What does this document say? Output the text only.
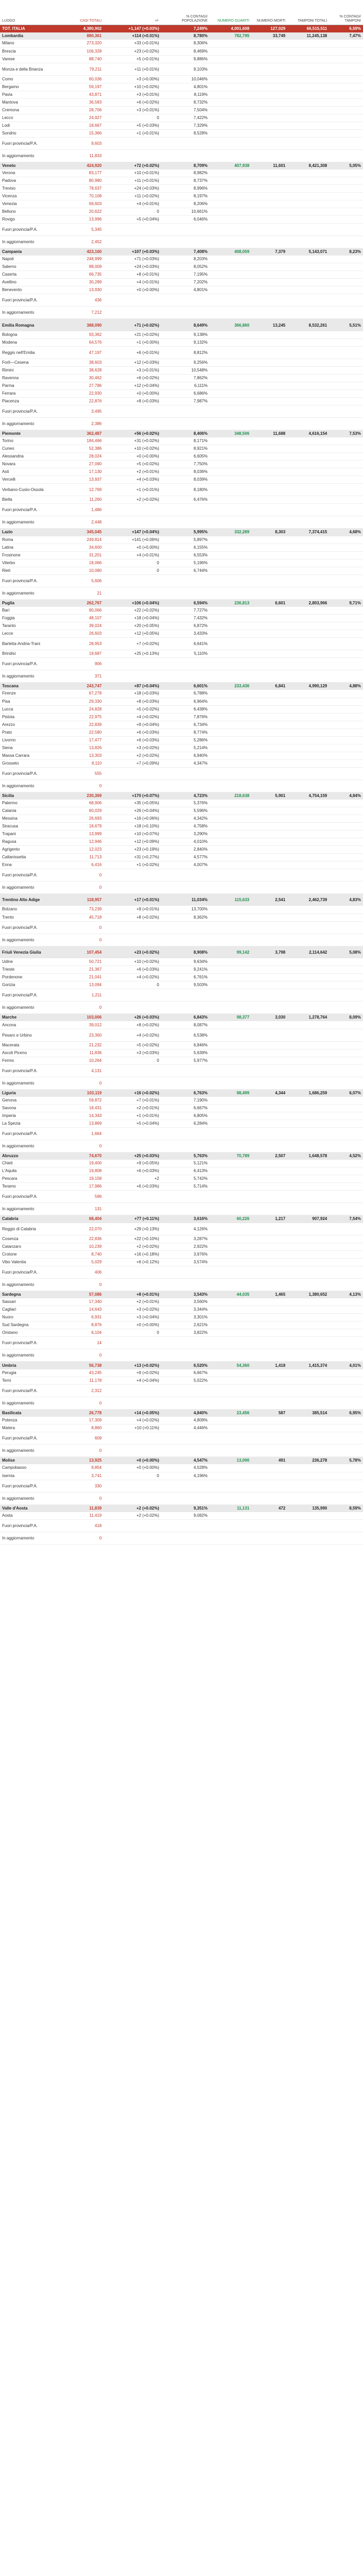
LUOGO	CASI TOTALI	+/-	% CONTAGI/ POPOLAZIONE	NUMERO GUARITI	NUMERO MORTI	TAMPONI TOTALI	% CONTAGI/ TAMPONI
TOT. ITALIA	4,380,902	+1,147 (+0.03%)	7,249%	4,001,608	127,029	66,515,511	6,59%
Lombardia	880,361	+114 (+0.01%)	8,780%	782,795	33,749	11,245,138	7,47%
Milano	273,320	+33 (+0.01%)	8,306%				
Brescia	106,328	+23 (+0.02%)	8,469%				
Varese	88,740	+5 (+0.01%)	9,886%				
Monza e della Brianza	79,211	+11 (+0.01%)	9,103%				
Como	60,036	+3 (+0.00%)	10,046%				
Bergamo	59,197	+10 (+0.02%)	4,801%				
Pavia	43,871	+3 (+0.01%)	8,119%				
Mantova	36,583	+6 (+0.02%)	8,732%				
Cremona	28,706	+3 (+0.01%)	7,504%				
Lecco	24,927	0	7,422%				
Lodi	18,667	+5 (+0.03%)	7,329%				
Sondrio	15,366	+1 (+0.01%)	8,528%				
Fuori provincia/P.A.	9,603						
In aggiornamento	11,833						
Veneto	424,920	+72 (+0.02%)	8,709%	407,938	11,601	8,421,308	5,05%
Verona	83,177	+10 (+0.01%)	8,982%				
Padova	80,980	+11 (+0.01%)	8,737%				
Treviso	78,637	+24 (+0.03%)	8,996%				
Vicenza	70,108	+11 (+0.02%)	8,197%				
Venezia	69,603	+4 (+0.01%)	8,206%				
Belluno	20,622	0	10,661%				
Rovigo	13,996	+5 (+0.04%)	6,046%				
Fuori provincia/P.A.	5,345						
In aggiornamento	2,452						
Campania	423,160	+107 (+0.03%)	7,408%	408,059	7,379	5,143,071	8,23%
Napoli	248,999	+71 (+0.03%)	8,203%				
Salerno	88,009	+24 (+0.03%)	8,052%				
Caserta	66,735	+8 (+0.01%)	7,195%				
Avellino	30,289	+4 (+0.01%)	7,202%				
Benevento	13,930	+0 (+0.00%)	4,801%				
Fuori provincia/P.A.	436						
In aggiornamento	7,212						
Emilia Romagna	388,090	+71 (+0.02%)	8,649%	366,860	13,245	8,532,261	5,51%
Bologna	93,362	+21 (+0.02%)	9,138%				
Modena	64,576	+1 (+0.00%)	9,132%				
Reggio nell'Emilia	47,197	+6 (+0.01%)	8,812%				
Forlì—Cesena	38,603	+12 (+0.03%)	9,256%				
Rimini	38,628	+3 (+0.01%)	10,548%				
Ravenna	30,462	+6 (+0.02%)	7,862%				
Parma	27,786	+12 (+0.04%)	6,111%				
Ferrara	22,930	+0 (+0.00%)	6,686%				
Piacenza	22,876	+8 (+0.03%)	7,987%				
Fuori provincia/P.A.	3,495						
In aggiornamento	2,386						
Piemonte	362,487	+56 (+0.02%)	8,406%	348,506	11,688	4,616,154	7,53%
Torino	184,466	+31 (+0.02%)	8,171%				
Cuneo	52,386	+10 (+0.02%)	8,921%				
Alessandria	28,024	+0 (+0.00%)	6,605%				
Novara	27,090	+5 (+0.02%)	7,750%				
Asti	17,130	+2 (+0.01%)	8,036%				
Vercelli	13,937	+4 (+0.03%)	8,039%				
Verbano-Cusio-Ossola	12,769	+1 (+0.01%)	8,180%				
Biella	11,260	+2 (+0.02%)	6,476%				
Fuori provincia/P.A.	1,486						
In aggiornamento	2,448						
Lazio	345,045	+147 (+0.04%)	5,995%	332,289	8,303	7,374,415	4,68%
Roma	249,814	+141 (+0.06%)	5,897%				
Latina	34,600	+0 (+0.00%)	6,155%				
Frosinone	31,201	+4 (+0.01%)	6,553%				
Viterbo	18,066	0	5,196%				
Rieti	10,080	0	6,744%				
Fuori provincia/P.A.	5,606						
In aggiornamento	21						
Puglia	262,767	+106 (+0.04%)	6,594%	236,813	6,601	2,803,966	9,71%
Bari	90,066	+22 (+0.02%)	7,727%				
Foggia	48,107	+18 (+0.04%)	7,432%				
Taranto	39,024	+20 (+0.05%)	6,872%				
Lecce	26,603	+12 (+0.05%)	3,433%				
Barletta-Andria-Trani	28,953	+7 (+0.02%)	6,641%				
Brindisi	19,687	+25 (+0.13%)	5,110%				
Fuori provincia/P.A.	906						
In aggiornamento	371						
Toscana	243,747	+87 (+0.04%)	6,601%	233,436	6,841	4,990,129	4,88%
Firenze	67,278	+18 (+0.03%)	6,788%				
Pisa	29,330	+8 (+0.03%)	6,964%				
Lucca	24,828	+5 (+0.02%)	6,438%				
Pistoia	22,975	+4 (+0.02%)	7,876%				
Arezzo	22,839	+9 (+0.04%)	6,734%				
Prato	22,580	+6 (+0.03%)	8,774%				
Livorno	17,477	+6 (+0.03%)	5,286%				
Siena	13,826	+3 (+0.02%)	5,214%				
Massa Carrara	13,303	+2 (+0.02%)	6,940%				
Grosseto	8,110	+7 (+0.09%)	4,347%				
Fuori provincia/P.A.	555						
In aggiornamento	0						
Sicilia	230,369	+170 (+0.07%)	4,723%	218,638	5,901	4,754,159	4,84%
Palermo	68,906	+35 (+0.05%)	5,376%				
Catania	60,029	+26 (+0.04%)	5,596%				
Messina	26,693	+16 (+0.06%)	4,342%				
Siracusa	18,679	+18 (+0.10%)	4,758%				
Trapani	13,999	+10 (+0.07%)	3,290%				
Ragusa	12,946	+12 (+0.09%)	4,010%				
Agrigento	12,023	+23 (+0.19%)	2,840%				
Caltanissetta	11,713	+31 (+0.27%)	4,577%				
Enna	6,416	+1 (+0.02%)	4,007%				
Fuori provincia/P.A.	0						
In aggiornamento	0						
Trentino Alto Adige	118,957	+17 (+0.01%)	11,034%	115,633	2,541	2,462,739	4,83%
Bolzano	73,239	+9 (+0.01%)	13,700%				
Trento	45,718	+8 (+0.02%)	8,362%				
Fuori provincia/P.A.	0						
In aggiornamento	0						
Friuli Venezia Giulia	107,454	+23 (+0.02%)	8,908%	99,142	3,798	2,114,642	5,08%
Udine	50,721	+10 (+0.02%)	9,634%				
Trieste	21,367	+6 (+0.03%)	9,241%				
Pordenone	21,041	+4 (+0.02%)	6,761%				
Gorizia	13,094	0	9,503%				
Fuori provincia/P.A.	1,211						
In aggiornamento	0						
Marche	103,006	+26 (+0.03%)	6,843%	98,377	3,030	1,278,764	8,09%
Ancona	39,012	+8 (+0.02%)	8,087%				
Pesaro e Urbino	23,360	+4 (+0.02%)	6,538%				
Macerata	21,232	+5 (+0.02%)	6,846%				
Ascoli Piceno	11,836	+3 (+0.03%)	5,639%				
Fermo	10,264	0	5,977%				
Fuori provincia/P.A.	4,131						
In aggiornamento	0						
Liguria	103,119	+16 (+0.02%)	6,763%	98,499	4,344	1,686,259	6,07%
Genova	59,872	+7 (+0.01%)	7,190%				
Savona	18,431	+2 (+0.01%)	6,667%				
Imperia	14,343	+1 (+0.01%)	6,805%				
La Spezia	13,869	+5 (+0.04%)	6,284%				
Fuori provincia/P.A.	1,664						
In aggiornamento	0						
Abruzzo	74,670	+25 (+0.03%)	5,763%	70,789	2,507	1,648,578	4,52%
Chieti	19,400	+9 (+0.05%)	5,121%				
L'Aquila	19,808	+6 (+0.03%)	6,413%				
Pescara	19,158	+2	5,742%				
Teramo	17,986	+6 (+0.03%)	5,714%				
Fuori provincia/P.A.	596						
In aggiornamento	131						
Calabria	68,404	+77 (+0.11%)	3,616%	60,226	1,217	907,924	7,54%
Reggio di Calabria	22,070	+29 (+0.13%)	4,126%				
Cosenza	22,836	+22 (+0.10%)	3,287%				
Catanzaro	10,239	+2 (+0.02%)	2,922%				
Crotone	8,740	+16 (+0.18%)	3,976%				
Vibo Valentia	5,029	+6 (+0.12%)	3,574%				
Fuori provincia/P.A.	406						
In aggiornamento	0						
Sardegna	57,086	+8 (+0.01%)	3,543%	44,035	1,465	1,380,652	4,13%
Sassari	17,340	+2 (+0.01%)	3,560%				
Cagliari	14,643	+3 (+0.02%)	3,344%				
Nuoro	6,931	+3 (+0.04%)	3,301%				
Sud Sardegna	8,876	+0 (+0.00%)	2,621%				
Oristano	6,104	0	3,822%				
Fuori provincia/P.A.	14						
In aggiornamento	0						
Umbria	56,738	+13 (+0.02%)	6,520%	54,360	1,418	1,415,374	4,01%
Perugia	43,245	+9 (+0.02%)	6,667%				
Terni	11,178	+4 (+0.04%)	5,022%				
Fuori provincia/P.A.	2,312						
In aggiornamento	0						
Basilicata	26,778	+14 (+0.05%)	4,840%	23,456	587	385,514	6,95%
Potenza	17,309	+4 (+0.02%)	4,809%				
Matera	8,860	+10 (+0.11%)	4,446%				
Fuori provincia/P.A.	609						
In aggiornamento	0						
Molise	13,925	+0 (+0.00%)	4,547%	13,090	491	236,278	5,78%
Campobasso	9,854	+0 (+0.00%)	4,528%				
Isernia	3,741	0	4,196%				
Fuori provincia/P.A.	330						
In aggiornamento	0						
Valle d'Aosta	11,839	+2 (+0.02%)	9,351%	11,131	472	135,990	8,59%
Aosta	11,419	+2 (+0.02%)	9,082%				
Fuori provincia/P.A.	418						
In aggiornamento	0						
